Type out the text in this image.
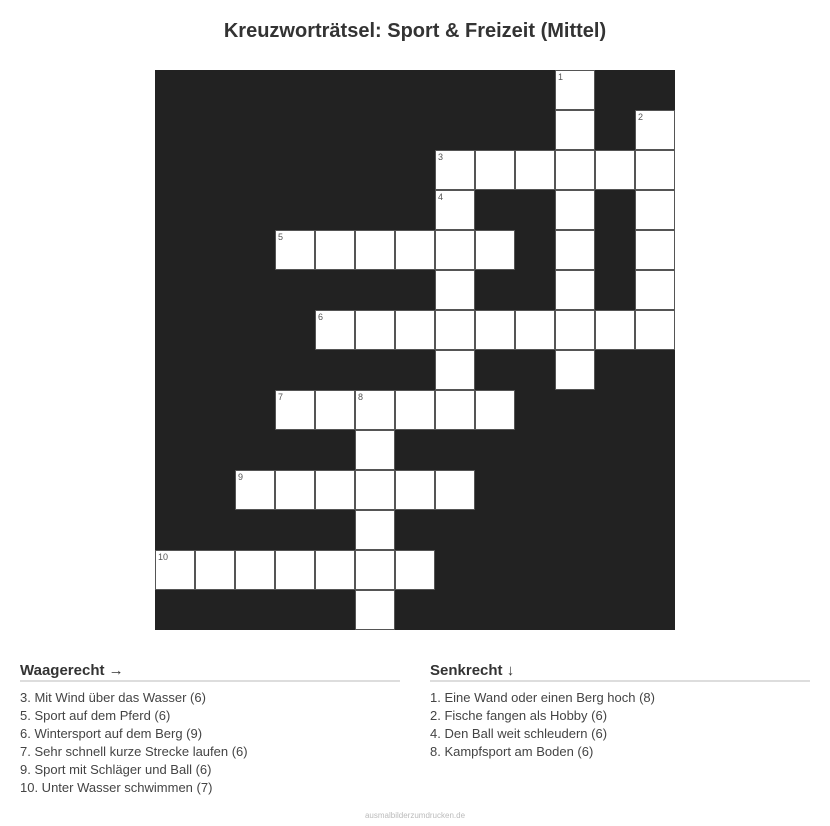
Kreuzworträtsel: Sport & Freizeit (Mittel)
1
2
3
4
5
6
7	8
9
10
Waagerecht →
3. Mit Wind über das Wasser (6)
5. Sport auf dem Pferd (6)
6. Wintersport auf dem Berg (9)
7. Sehr schnell kurze Strecke laufen (6)
9. Sport mit Schläger und Ball (6)
10. Unter Wasser schwimmen (7)
Senkrecht ↓
1. Eine Wand oder einen Berg hoch (8)
2. Fische fangen als Hobby (6)
4. Den Ball weit schleudern (6)
8. Kampfsport am Boden (6)
ausmalbilderzumdrucken.de
